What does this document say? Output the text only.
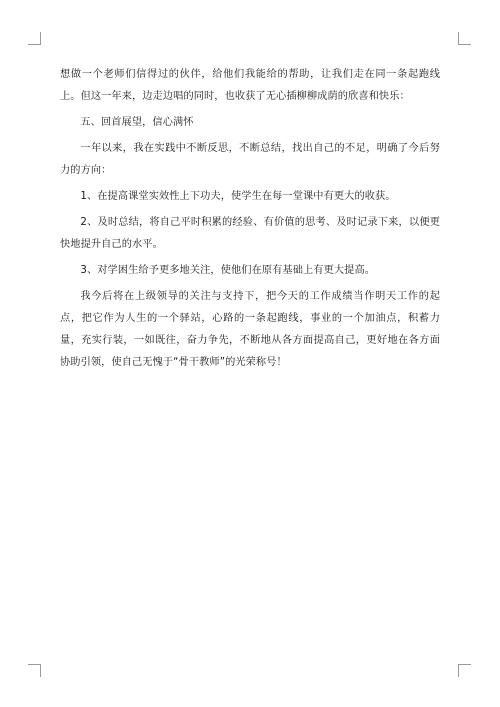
想做一个老师们信得过的伙伴，给他们我能给的帮助，让我们走在同一条起跑线上。但这一年来，边走边唱的同时，也收获了无心插柳柳成荫的欣喜和快乐：

五、回首展望，信心满怀

一年以来，我在实践中不断反思，不断总结，找出自己的不足，明确了今后努力的方向：

1、在提高课堂实效性上下功夫，使学生在每一堂课中有更大的收获。

2、及时总结，将自己平时积累的经验、有价值的思考、及时记录下来，以便更快地提升自己的水平。

3、对学困生给予更多地关注，使他们在原有基础上有更大提高。

我今后将在上级领导的关注与支持下，把今天的工作成绩当作明天工作的起点，把它作为人生的一个驿站，心路的一条起跑线，事业的一个加油点，积蓄力量，充实行装，一如既往，奋力争先，不断地从各方面提高自己，更好地在各方面协助引领，使自己无愧于“骨干教师”的光荣称号！
